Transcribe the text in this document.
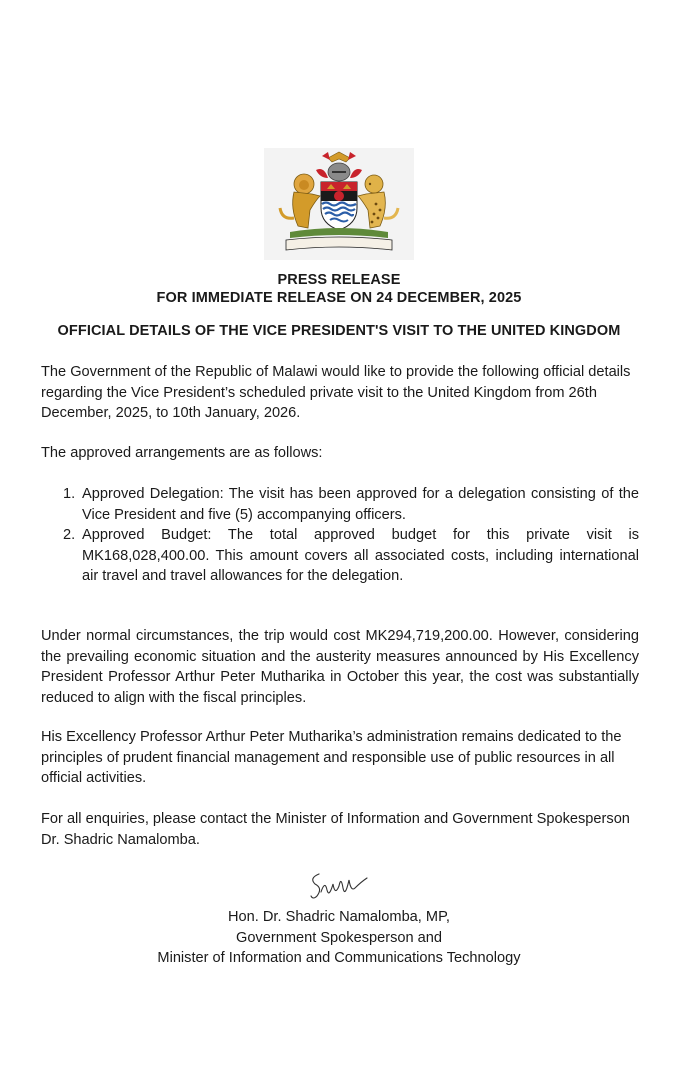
PRESS RELEASE
FOR IMMEDIATE RELEASE ON 24 DECEMBER, 2025
OFFICIAL DETAILS OF THE VICE PRESIDENT'S VISIT TO THE UNITED KINGDOM

The Government of the Republic of Malawi would like to provide the following official details regarding the Vice President’s scheduled private visit to the United Kingdom from 26th December, 2025, to 10th January, 2026.

The approved arrangements are as follows:

1. Approved Delegation: The visit has been approved for a delegation consisting of the Vice President and five (5) accompanying officers.
2. Approved Budget: The total approved budget for this private visit is MK168,028,400.00. This amount covers all associated costs, including international air travel and travel allowances for the delegation.

Under normal circumstances, the trip would cost MK294,719,200.00. However, considering the prevailing economic situation and the austerity measures announced by His Excellency President Professor Arthur Peter Mutharika in October this year, the cost was substantially reduced to align with the fiscal principles.

His Excellency Professor Arthur Peter Mutharika’s administration remains dedicated to the principles of prudent financial management and responsible use of public resources in all official activities.

For all enquiries, please contact the Minister of Information and Government Spokesperson Dr. Shadric Namalomba.

Hon. Dr. Shadric Namalomba, MP,
Government Spokesperson and
Minister of Information and Communications Technology
